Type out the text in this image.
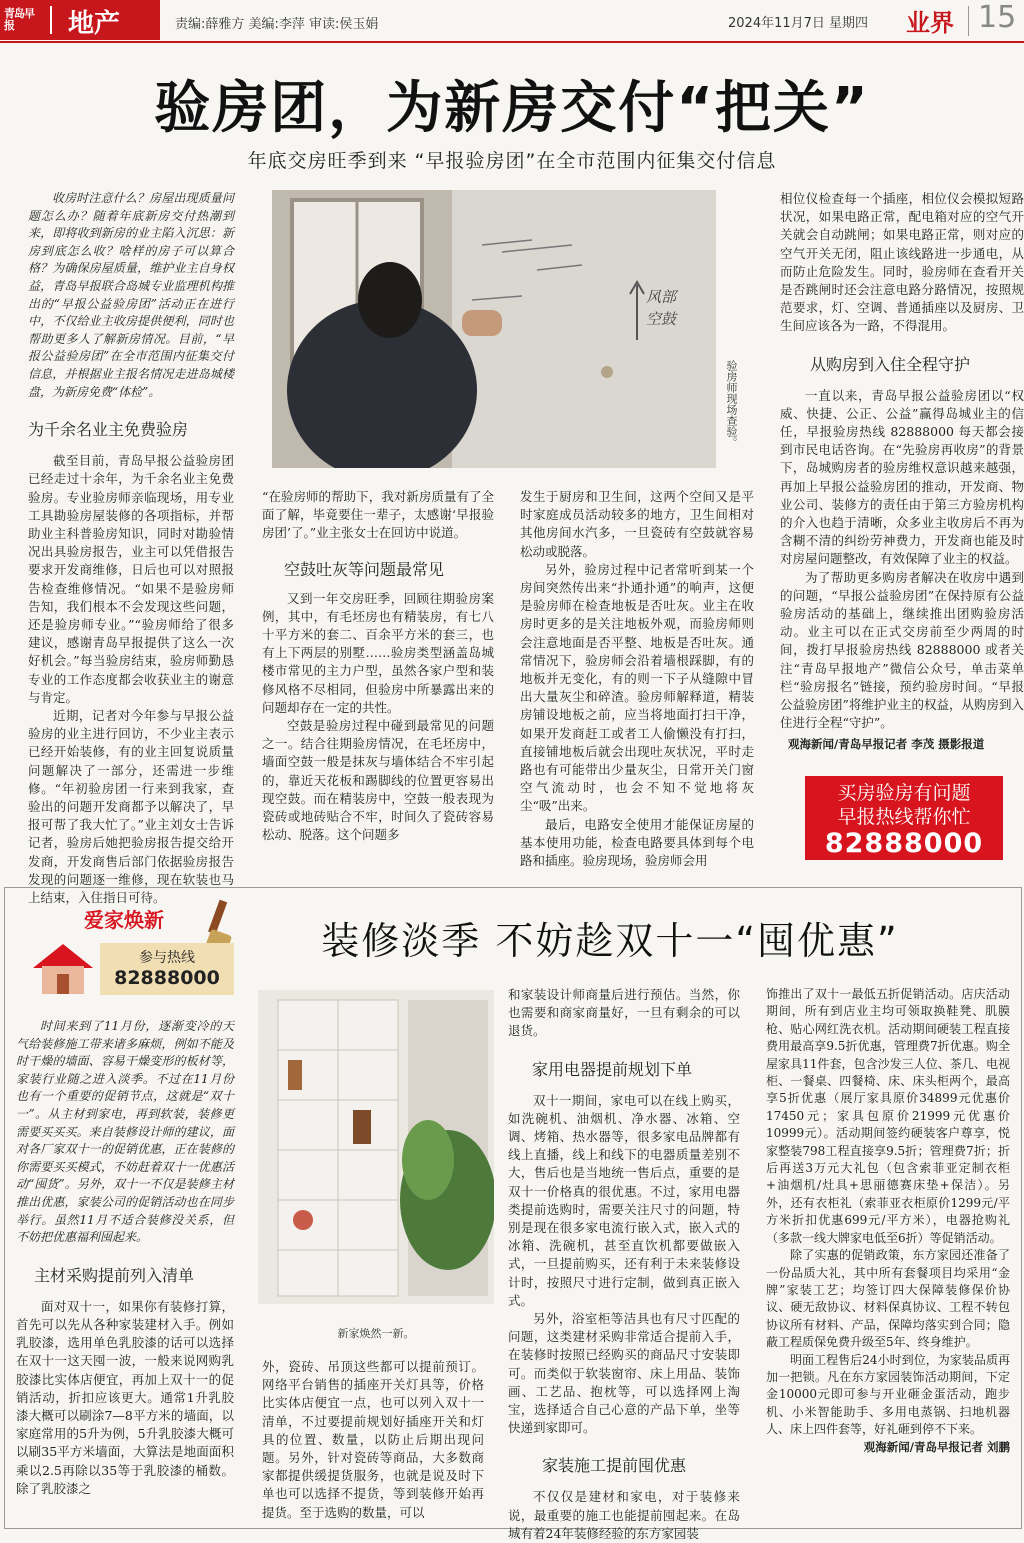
青岛早报	地产	责编:薛雅方 美编:李萍 审读:侯玉娟	2024年11月7日 星期四 业界 15
验房团，为新房交付“把关”
年底交房旺季到来 “早报验房团”在全市范围内征集交付信息

收房时注意什么？房屋出现质量问题怎么办？随着年底新房交付热潮到来，即将收到新房的业主陷入沉思：新房到底怎么收？啥样的房子可以算合格？为确保房屋质量，维护业主自身权益，青岛早报联合岛城专业监理机构推出的“早报公益验房团”活动正在进行中，不仅给业主收房提供便利，同时也帮助更多人了解新房情况。目前，“早报公益验房团”在全市范围内征集交付信息，并根据业主报名情况走进岛城楼盘，为新房免费“体检”。

为千余名业主免费验房

截至目前，青岛早报公益验房团已经走过十余年，为千余名业主免费验房。专业验房师亲临现场，用专业工具勘验房屋装修的各项指标，并帮助业主科普验房知识，同时对勘验情况出具验房报告，业主可以凭借报告要求开发商维修，日后也可以对照报告检查维修情况。“如果不是验房师告知，我们根本不会发现这些问题，还是验房师专业。”“验房师给了很多建议，感谢青岛早报提供了这么一次好机会。”每当验房结束，验房师勤恳专业的工作态度都会收获业主的谢意与肯定。

近期，记者对今年参与早报公益验房的业主进行回访，不少业主表示已经开始装修，有的业主回复说质量问题解决了一部分，还需进一步维修。“年初验房团一行来到我家，查验出的问题开发商都予以解决了，早报可帮了我大忙了。”业主刘女士告诉记者，验房后她把验房报告提交给开发商，开发商售后部门依据验房报告发现的问题逐一维修，现在软装也马上结束，入住指日可待。

风部空鼓
验房师现场查验。

“在验房师的帮助下，我对新房质量有了全面了解，毕竟要住一辈子，太感谢‘早报验房团’了。”业主张女士在回访中说道。

空鼓吐灰等问题最常见

又到一年交房旺季，回顾往期验房案例，其中，有毛坯房也有精装房，有七八十平方米的套二、百余平方米的套三，也有上下两层的别墅……验房类型涵盖岛城楼市常见的主力户型，虽然各家户型和装修风格不尽相同，但验房中所暴露出来的问题却存在一定的共性。

空鼓是验房过程中碰到最常见的问题之一。结合往期验房情况，在毛坯房中，墙面空鼓一般是抹灰与墙体结合不牢引起的，靠近天花板和踢脚线的位置更容易出现空鼓。而在精装房中，空鼓一般表现为瓷砖或地砖贴合不牢，时间久了瓷砖容易松动、脱落。这个问题多

发生于厨房和卫生间，这两个空间又是平时家庭成员活动较多的地方，卫生间相对其他房间水汽多，一旦瓷砖有空鼓就容易松动或脱落。

另外，验房过程中记者常听到某一个房间突然传出来“扑通扑通”的响声，这便是验房师在检查地板是否吐灰。业主在收房时更多的是关注地板外观，而验房师则会注意地面是否平整、地板是否吐灰。通常情况下，验房师会沿着墙根踩脚，有的地板并无变化，有的则一下子从缝隙中冒出大量灰尘和碎渣。验房师解释道，精装房铺设地板之前，应当将地面打扫干净，如果开发商赶工或者工人偷懒没有打扫，直接铺地板后就会出现吐灰状况，平时走路也有可能带出少量灰尘，日常开关门窗空气流动时，也会不知不觉地将灰尘“吸”出来。

最后，电路安全使用才能保证房屋的基本使用功能，检查电路要具体到每个电路和插座。验房现场，验房师会用

相位仪检查每一个插座，相位仪会模拟短路状况，如果电路正常，配电箱对应的空气开关就会自动跳闸；如果电路正常，则对应的空气开关无闭，阻止该线路进一步通电，从而防止危险发生。同时，验房师在查看开关是否跳闸时还会注意电路分路情况，按照规范要求，灯、空调、普通插座以及厨房、卫生间应该各为一路，不得混用。

从购房到入住全程守护

一直以来，青岛早报公益验房团以“权威、快捷、公正、公益”赢得岛城业主的信任，早报验房热线 82888000 每天都会接到市民电话咨询。在“先验房再收房”的背景下，岛城购房者的验房维权意识越来越强，再加上早报公益验房团的推动，开发商、物业公司、装修方的责任由于第三方验房机构的介入也趋于清晰，众多业主收房后不再为含糊不清的纠纷劳神费力，开发商也能及时对房屋问题整改，有效保障了业主的权益。

为了帮助更多购房者解决在收房中遇到的问题，“早报公益验房团”在保持原有公益验房活动的基础上，继续推出团购验房活动。业主可以在正式交房前至少两周的时间，拨打早报验房热线 82888000 或者关注“青岛早报地产”微信公众号，单击菜单栏“验房报名”链接，预约验房时间。“早报公益验房团”将维护业主的权益，从购房到入住进行全程“守护”。

观海新闻/青岛早报记者 李茂 摄影报道
买房验房有问题
早报热线帮你忙
82888000
爱家焕新
参与热线
82888000
装修淡季 不妨趁双十一“囤优惠”

时间来到了11月份，逐渐变冷的天气给装修施工带来诸多麻烦，例如不能及时干燥的墙面、容易干燥变形的板材等，家装行业随之进入淡季。不过在11月份也有一个重要的促销节点，这就是“双十一”。从主材到家电，再到软装，装修更需要买买买。来自装修设计师的建议，面对各厂家双十一的促销优惠，正在装修的你需要买买模式，不妨赶着双十一优惠活动“囤货”。另外，双十一不仅是装修主材推出优惠，家装公司的促销活动也在同步举行。虽然11月不适合装修没关系，但不妨把优惠福利囤起来。

主材采购提前列入清单

面对双十一，如果你有装修打算，首先可以先从各种家装建材入手。例如乳胶漆，选用单色乳胶漆的话可以选择在双十一这天囤一波，一般来说网购乳胶漆比实体店便宜，再加上双十一的促销活动，折扣应该更大。通常1升乳胶漆大概可以刷涂7—8平方米的墙面，以家庭常用的5升为例，5升乳胶漆大概可以刷35平方米墙面，大算法是地面面积乘以2.5再除以35等于乳胶漆的桶数。除了乳胶漆之

新家焕然一新。

外，瓷砖、吊顶这些都可以提前预订。网络平台销售的插座开关灯具等，价格比实体店便宜一点，也可以列入双十一清单，不过要提前规划好插座开关和灯具的位置、数量，以防止后期出现问题。另外，针对瓷砖等商品，大多数商家都提供缓提货服务，也就是说及时下单也可以选择不提货，等到装修开始再提货。至于选购的数量，可以

和家装设计师商量后进行预估。当然，你也需要和商家商量好，一旦有剩余的可以退货。

家用电器提前规划下单

双十一期间，家电可以在线上购买，如洗碗机、油烟机、净水器、冰箱、空调、烤箱、热水器等，很多家电品牌都有线上直播，线上和线下的电器质量差别不大，售后也是当地统一售后点，重要的是双十一价格真的很优惠。不过，家用电器类提前选购时，需要关注尺寸的问题，特别是现在很多家电流行嵌入式，嵌入式的冰箱、洗碗机，甚至直饮机都要做嵌入式，一旦提前购买，还有利于未来装修设计时，按照尺寸进行定制，做到真正嵌入式。

另外，浴室柜等洁具也有尺寸匹配的问题，这类建材采购非常适合提前入手，在装修时按照已经购买的商品尺寸安装即可。而类似于软装窗帘、床上用品、装饰画、工艺品、抱枕等，可以选择网上淘宝，选择适合自己心意的产品下单，坐等快递到家即可。

家装施工提前囤优惠

不仅仅是建材和家电，对于装修来说，最重要的施工也能提前囤起来。在岛城有着24年装修经验的东方家园装

饰推出了双十一最低五折促销活动。店庆活动期间，所有到店业主均可领取换鞋凳、肌膜枪、贴心网红洗衣机。活动期间硬装工程直接费用最高享9.5折优惠，管理费7折优惠。购全屋家具11件套，包含沙发三人位、茶几、电视柜、一餐桌、四餐椅、床、床头柜两个，最高享5折优惠（展厅家具原价34899元优惠价17450元；家具包原价21999元优惠价10999元）。活动期间签约硬装客户尊享，悦家整装798工程直接享9.5折；管理费7折；折后再送3万元大礼包（包含索菲亚定制衣柜+油烟机/灶具+思丽德赛床垫+保洁）。另外，还有衣柜礼（索菲亚衣柜原价1299元/平方米折扣优惠699元/平方米），电器抢购礼（多款一线大牌家电低至6折）等促销活动。

除了实惠的促销政策，东方家园还准备了一份品质大礼，其中所有套餐项目均采用“金牌”家装工艺；均签订四大保障装修保价协议、硬无敌协议、材料保真协议、工程不转包协议所有材料、产品，保障均落实到合同；隐蔽工程质保免费升级至5年、终身维护。

明面工程售后24小时到位，为家装品质再加一把锁。凡在东方家园装饰活动期间，下定金10000元即可参与开业砸金蛋活动，跑步机、小米智能助手、多用电蒸锅、扫地机器人、床上四件套等，好礼砸到停不下来。

观海新闻/青岛早报记者 刘鹏
